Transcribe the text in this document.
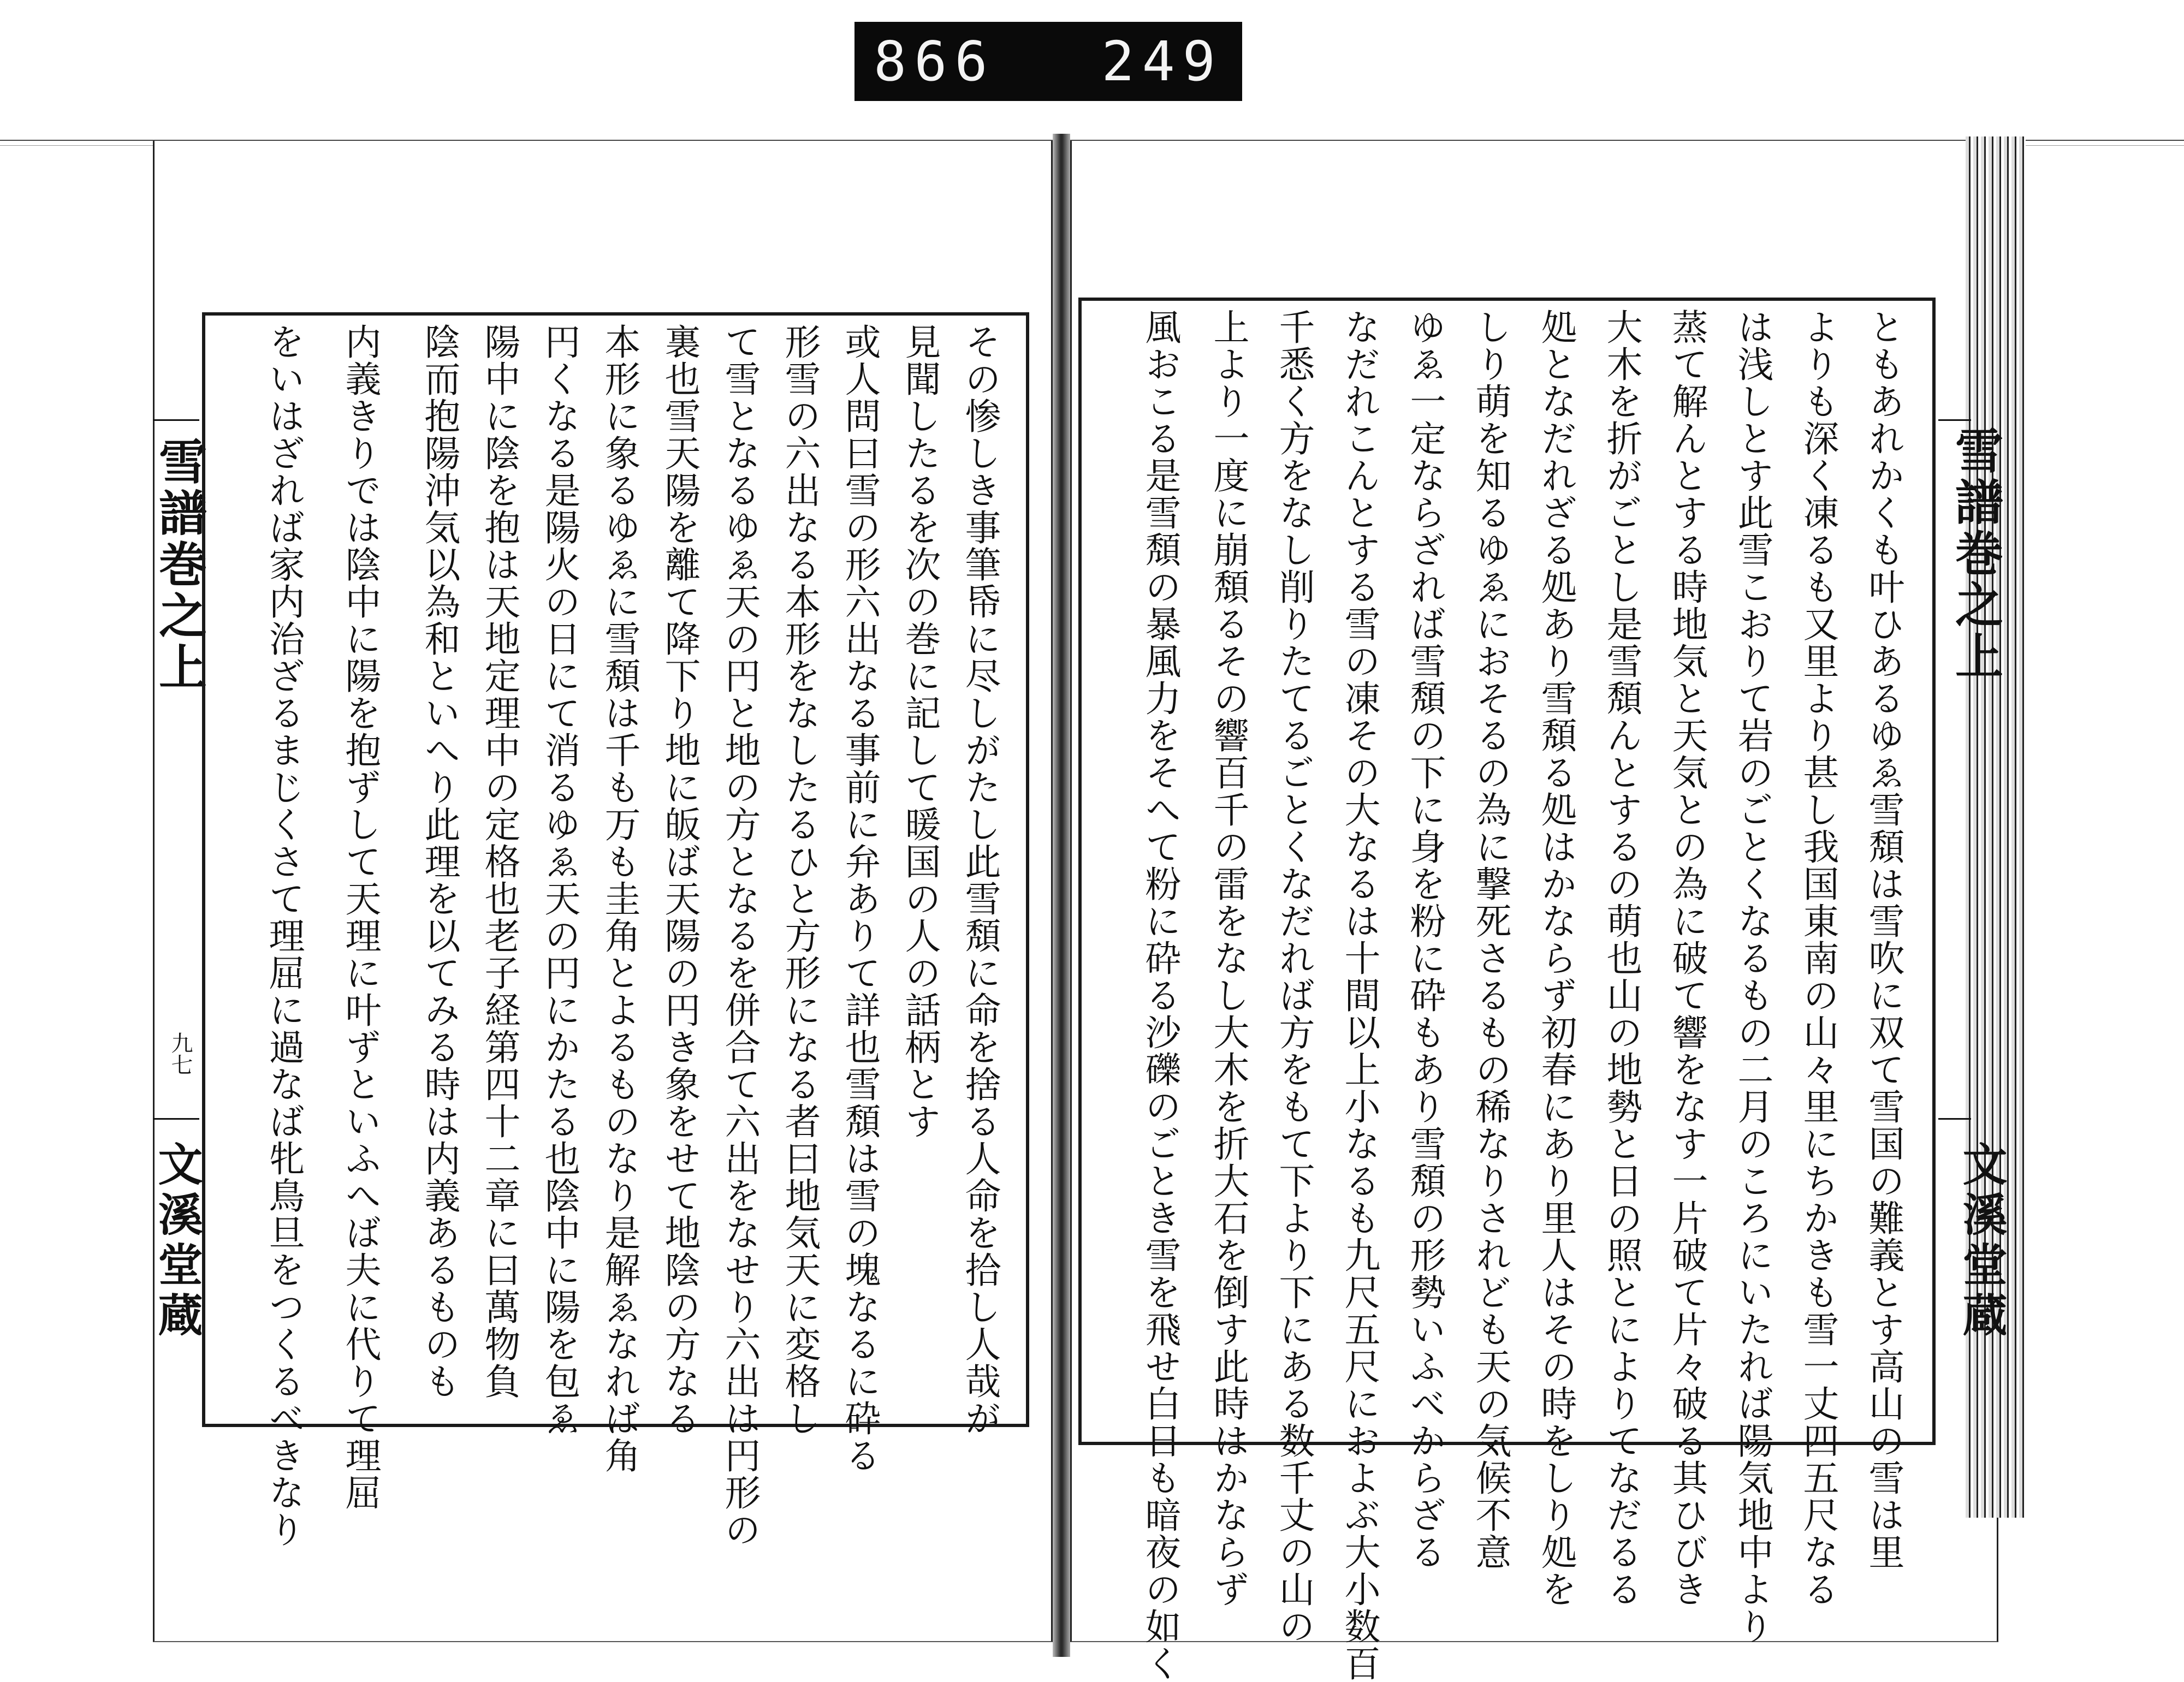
866 249
雪譜巻之上
九七
文溪堂蔵
雪譜巻之上
文溪堂蔵
その惨しき事筆帋に尽しがたし此雪頽に命を捨る人命を拾し人哉が
見聞したるを次の巻に記して暖国の人の話柄とす
或人問曰雪の形六出なる事前に弁ありて詳也雪頽は雪の塊なるに砕る
形雪の六出なる本形をなしたるひと方形になる者曰地気天に変格し
て雪となるゆゑ天の円と地の方となるを併合て六出をなせり六出は円形の
裏也雪天陽を離て降下り地に皈ば天陽の円き象をせて地陰の方なる
本形に象るゆゑに雪頽は千も万も圭角とよるものなり是解ゑなれば角
円くなる是陽火の日にて消るゆゑ天の円にかたる也陰中に陽を包ゑ
陽中に陰を抱は天地定理中の定格也老子経第四十二章に曰萬物負
陰而抱陽沖気以為和といへり此理を以てみる時は内義あるものも
内義きりでは陰中に陽を抱ずして天理に叶ずといふへば夫に代りて理屈
をいはざれば家内治ざるまじくさて理屈に過なば牝鳥旦をつくるべきなり	ともあれかくも叶ひあるゆゑ雪頽は雪吹に双て雪国の難義とす高山の雪は里
よりも深く凍るも又里より甚し我国東南の山々里にちかきも雪一丈四五尺なる
は浅しとす此雪こおりて岩のごとくなるもの二月のころにいたれば陽気地中より
蒸て解んとする時地気と天気との為に破て響をなす一片破て片々破る其ひびき
大木を折がごとし是雪頽んとするの萌也山の地勢と日の照とによりてなだるる
処となだれざる処あり雪頽る処はかならず初春にあり里人はその時をしり処を
しり萌を知るゆゑにおそるの為に撃死さるもの稀なりされども天の気候不意
ゆゑ一定ならざれば雪頽の下に身を粉に砕もあり雪頽の形勢いふべからざる
なだれこんとする雪の凍その大なるは十間以上小なるも九尺五尺におよぶ大小数百
千悉く方をなし削りたてるごとくなだれば方をもて下より下にある数千丈の山の
上より一度に崩頽るその響百千の雷をなし大木を折大石を倒す此時はかならず
風おこる是雪頽の暴風力をそへて粉に砕る沙礫のごとき雪を飛せ白日も暗夜の如く
